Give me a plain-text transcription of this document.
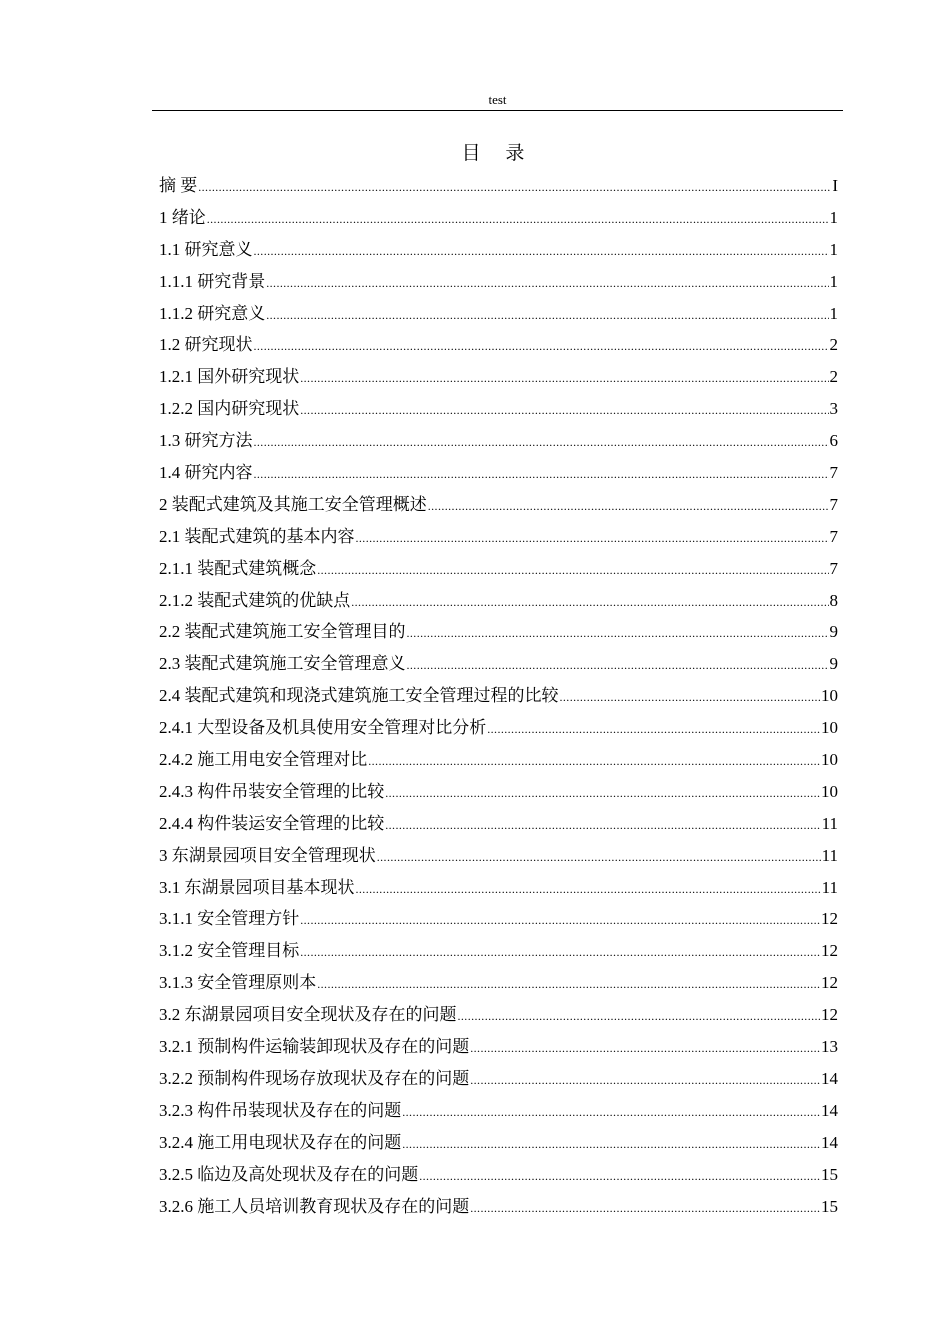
test
目 录
摘 要 .....	I
1 绪论 .....	1
1.1 研究意义 .....	1
1.1.1 研究背景 .....	1
1.1.2 研究意义 .....	1
1.2 研究现状 .....	2
1.2.1 国外研究现状 .....	2
1.2.2 国内研究现状 .....	3
1.3 研究方法 .....	6
1.4 研究内容 .....	7
2 装配式建筑及其施工安全管理概述 .....	7
2.1 装配式建筑的基本内容 .....	7
2.1.1 装配式建筑概念 .....	7
2.1.2 装配式建筑的优缺点 .....	8
2.2 装配式建筑施工安全管理目的 .....	9
2.3 装配式建筑施工安全管理意义 .....	9
2.4 装配式建筑和现浇式建筑施工安全管理过程的比较 .....	10
2.4.1 大型设备及机具使用安全管理对比分析 .....	10
2.4.2 施工用电安全管理对比 .....	10
2.4.3 构件吊装安全管理的比较 .....	10
2.4.4 构件装运安全管理的比较 .....	11
3 东湖景园项目安全管理现状 .....	11
3.1 东湖景园项目基本现状 .....	11
3.1.1 安全管理方针 .....	12
3.1.2 安全管理目标 .....	12
3.1.3 安全管理原则本 .....	12
3.2 东湖景园项目安全现状及存在的问题 .....	12
3.2.1 预制构件运输装卸现状及存在的问题 .....	13
3.2.2 预制构件现场存放现状及存在的问题 .....	14
3.2.3 构件吊装现状及存在的问题 .....	14
3.2.4 施工用电现状及存在的问题 .....	14
3.2.5 临边及高处现状及存在的问题 .....	15
3.2.6 施工人员培训教育现状及存在的问题 .....	15
